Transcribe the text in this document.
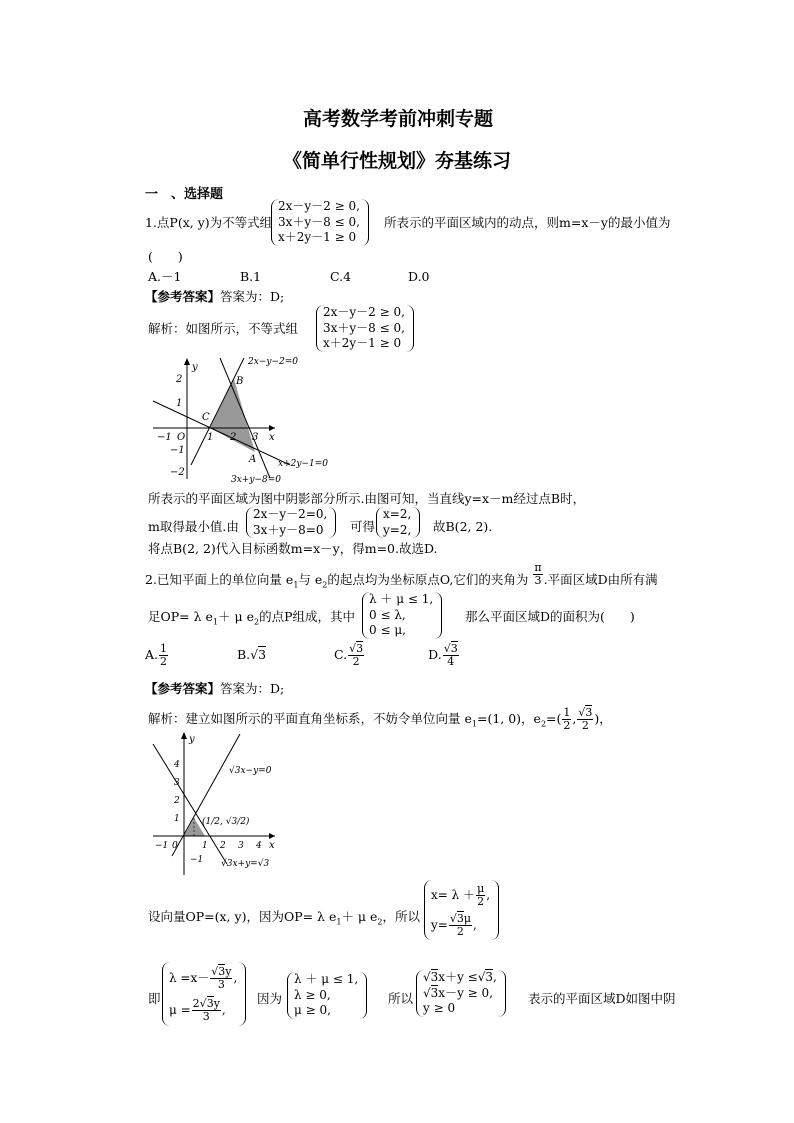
高考数学考前冲刺专题
《简单行性规划》夯基练习
一　、选择题
1.点P(x, y)为不等式组
2x－y－2 ≥ 0,
3x＋y－8 ≤ 0,
x＋2y－1 ≥ 0
所表示的平面区域内的动点，则m=x－y的最小值为
(　　)
A.－1	B.1	C.4	D.0
【参考答案】答案为：D;
解析：如图所示，不等式组
2x－y－2 ≥ 0,
3x＋y－8 ≤ 0,
x＋2y－1 ≥ 0
y
x
O
B
C
A
2x−y−2=0
x+2y−1=0
3x+y−8=0
−1	1 2 3
2
1
−1
−2
所表示的平面区域为图中阴影部分所示.由图可知，当直线y=x－m经过点B时，
m取得最小值.由
2x－y－2=0,
3x＋y－8=0	可得
x=2,
y=2, 故B(2, 2).
将点B(2, 2)代入目标函数m=x－y，得m=0.故选D.
2.已知平面上的单位向量 $e_1$与 $e_2$的起点均为坐标原点O,它们的夹角为 $\frac{\pi}{3}$ .平面区域D由所有满
足OP= λ $e_1+ \mu$ $e_2$的点P组成，其中
λ ＋ μ ≤ 1,
0 ≤ λ,
0 ≤ μ,
那么平面区域D的面积为(　　)
A. $\frac{1}{2}$	B.√3	C. $\frac{√3}{2}$	D. $\frac{√3}{4}$
【参考答案】答案为：D;
解析：建立如图所示的平面直角坐标系，不妨令单位向量 $e_1=(1$, 0)，$e_2=( \frac{1}{2}$ , $\frac{√3}{2}$ )，
y
x
√3x−y=0
√3x+y=√3
(1/2, √3/2)
−1 0	1 2 3 4
4
3
2
1
−1
设向量OP=(x, y)，因为OP= λ $e_1+ \mu$ $e_2$，所以
$x= \lambda + \frac{\mu}{2}$ ,
$y= \frac{√3\mu}{2}$ ,
即
$\lambda =x- \frac{√3y}{3}$ ,
$\mu = \frac{2√3y}{3}$ ,
因为
λ ＋ μ ≤ 1,
λ ≥ 0,
μ ≥ 0,
所以
√3x＋y ≤√3,
√3x－y ≥ 0,
y ≥ 0
表示的平面区域D如图中阴
